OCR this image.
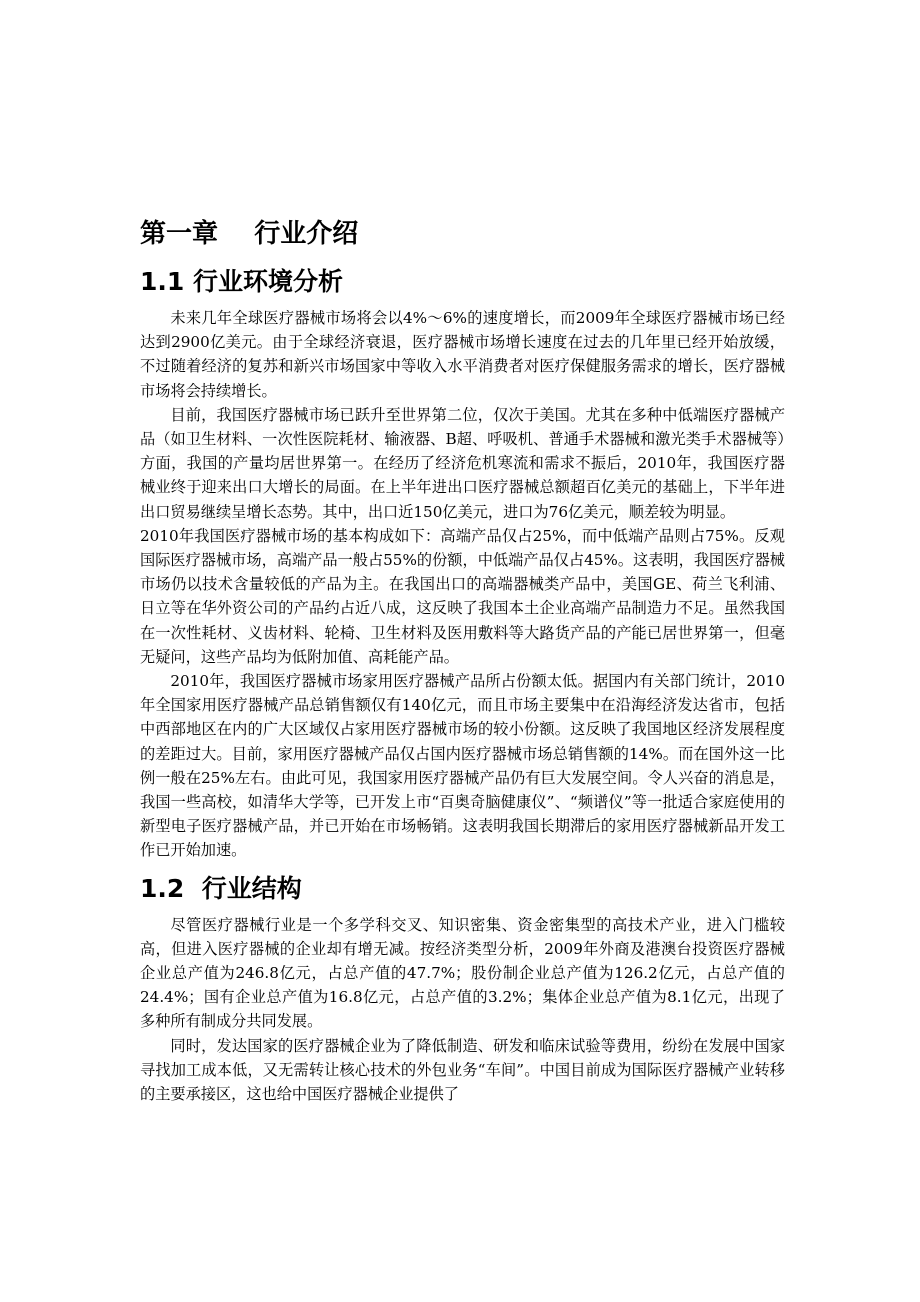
第一章    行业介绍
1.1 行业环境分析

未来几年全球医疗器械市场将会以4%～6%的速度增长，而2009年全球医疗器械市场已经达到2900亿美元。由于全球经济衰退，医疗器械市场增长速度在过去的几年里已经开始放缓，不过随着经济的复苏和新兴市场国家中等收入水平消费者对医疗保健服务需求的增长，医疗器械市场将会持续增长。

目前，我国医疗器械市场已跃升至世界第二位，仅次于美国。尤其在多种中低端医疗器械产品（如卫生材料、一次性医院耗材、输液器、B超、呼吸机、普通手术器械和激光类手术器械等）方面，我国的产量均居世界第一。在经历了经济危机寒流和需求不振后，2010年，我国医疗器械业终于迎来出口大增长的局面。在上半年进出口医疗器械总额超百亿美元的基础上，下半年进出口贸易继续呈增长态势。其中，出口近150亿美元，进口为76亿美元，顺差较为明显。

2010年我国医疗器械市场的基本构成如下：高端产品仅占25%，而中低端产品则占75%。反观国际医疗器械市场，高端产品一般占55%的份额，中低端产品仅占45%。这表明，我国医疗器械市场仍以技术含量较低的产品为主。在我国出口的高端器械类产品中，美国GE、荷兰飞利浦、日立等在华外资公司的产品约占近八成，这反映了我国本土企业高端产品制造力不足。虽然我国在一次性耗材、义齿材料、轮椅、卫生材料及医用敷料等大路货产品的产能已居世界第一，但毫无疑问，这些产品均为低附加值、高耗能产品。

2010年，我国医疗器械市场家用医疗器械产品所占份额太低。据国内有关部门统计，2010年全国家用医疗器械产品总销售额仅有140亿元，而且市场主要集中在沿海经济发达省市，包括中西部地区在内的广大区域仅占家用医疗器械市场的较小份额。这反映了我国地区经济发展程度的差距过大。目前，家用医疗器械产品仅占国内医疗器械市场总销售额的14%。而在国外这一比例一般在25%左右。由此可见，我国家用医疗器械产品仍有巨大发展空间。令人兴奋的消息是，我国一些高校，如清华大学等，已开发上市“百奥奇脑健康仪”、“频谱仪”等一批适合家庭使用的新型电子医疗器械产品，并已开始在市场畅销。这表明我国长期滞后的家用医疗器械新品开发工作已开始加速。

1.2  行业结构

尽管医疗器械行业是一个多学科交叉、知识密集、资金密集型的高技术产业，进入门槛较高，但进入医疗器械的企业却有增无减。按经济类型分析，2009年外商及港澳台投资医疗器械企业总产值为246.8亿元，占总产值的47.7%；股份制企业总产值为126.2亿元，占总产值的24.4%；国有企业总产值为16.8亿元，占总产值的3.2%；集体企业总产值为8.1亿元，出现了多种所有制成分共同发展。

同时，发达国家的医疗器械企业为了降低制造、研发和临床试验等费用，纷纷在发展中国家寻找加工成本低，又无需转让核心技术的外包业务“车间”。中国目前成为国际医疗器械产业转移的主要承接区，这也给中国医疗器械企业提供了
